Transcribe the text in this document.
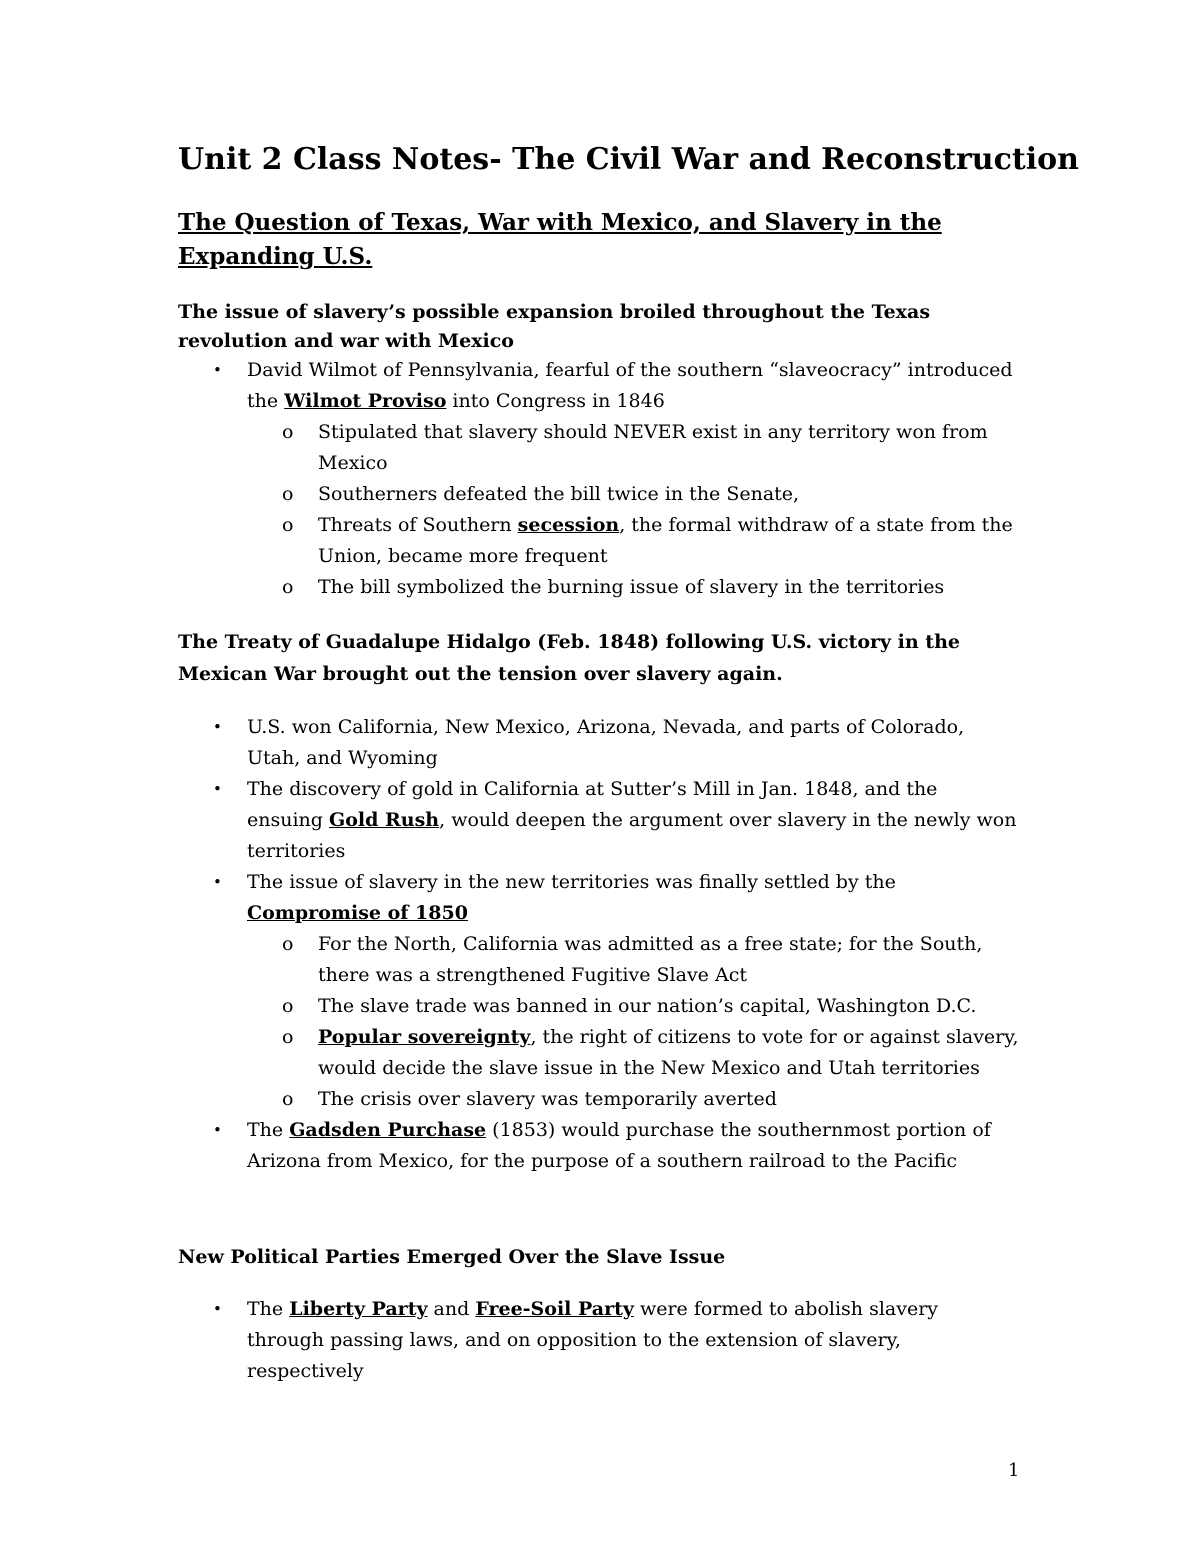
Unit 2 Class Notes- The Civil War and Reconstruction
The Question of Texas, War with Mexico, and Slavery in the Expanding U.S.

The issue of slavery’s possible expansion broiled throughout the Texas revolution and war with Mexico

• David Wilmot of Pennsylvania, fearful of the southern “slaveocracy” introduced the Wilmot Proviso into Congress in 1846
o Stipulated that slavery should NEVER exist in any territory won from Mexico
o Southerners defeated the bill twice in the Senate,
o Threats of Southern secession, the formal withdraw of a state from the Union, became more frequent
o The bill symbolized the burning issue of slavery in the territories

The Treaty of Guadalupe Hidalgo (Feb. 1848) following U.S. victory in the Mexican War brought out the tension over slavery again.

• U.S. won California, New Mexico, Arizona, Nevada, and parts of Colorado, Utah, and Wyoming
• The discovery of gold in California at Sutter’s Mill in Jan. 1848, and the ensuing Gold Rush, would deepen the argument over slavery in the newly won territories
• The issue of slavery in the new territories was finally settled by the Compromise of 1850
o For the North, California was admitted as a free state; for the South, there was a strengthened Fugitive Slave Act
o The slave trade was banned in our nation’s capital, Washington D.C.
o Popular sovereignty, the right of citizens to vote for or against slavery, would decide the slave issue in the New Mexico and Utah territories
o The crisis over slavery was temporarily averted
• The Gadsden Purchase (1853) would purchase the southernmost portion of Arizona from Mexico, for the purpose of a southern railroad to the Pacific

New Political Parties Emerged Over the Slave Issue

• The Liberty Party and Free-Soil Party were formed to abolish slavery through passing laws, and on opposition to the extension of slavery, respectively
1
